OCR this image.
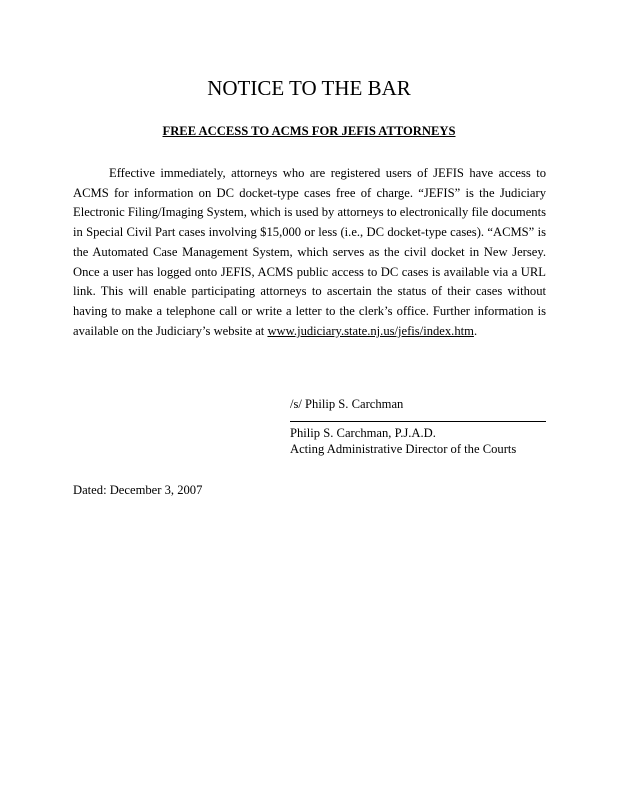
NOTICE TO THE BAR
FREE ACCESS TO ACMS FOR JEFIS ATTORNEYS

Effective immediately, attorneys who are registered users of JEFIS have access to ACMS for information on DC docket-type cases free of charge. “JEFIS” is the Judiciary Electronic Filing/Imaging System, which is used by attorneys to electronically file documents in Special Civil Part cases involving $15,000 or less (i.e., DC docket-type cases). “ACMS” is the Automated Case Management System, which serves as the civil docket in New Jersey. Once a user has logged onto JEFIS, ACMS public access to DC cases is available via a URL link. This will enable participating attorneys to ascertain the status of their cases without having to make a telephone call or write a letter to the clerk’s office. Further information is available on the Judiciary’s website at www.judiciary.state.nj.us/jefis/index.htm.

/s/ Philip S. Carchman
Philip S. Carchman, P.J.A.D.
Acting Administrative Director of the Courts
Dated: December 3, 2007
